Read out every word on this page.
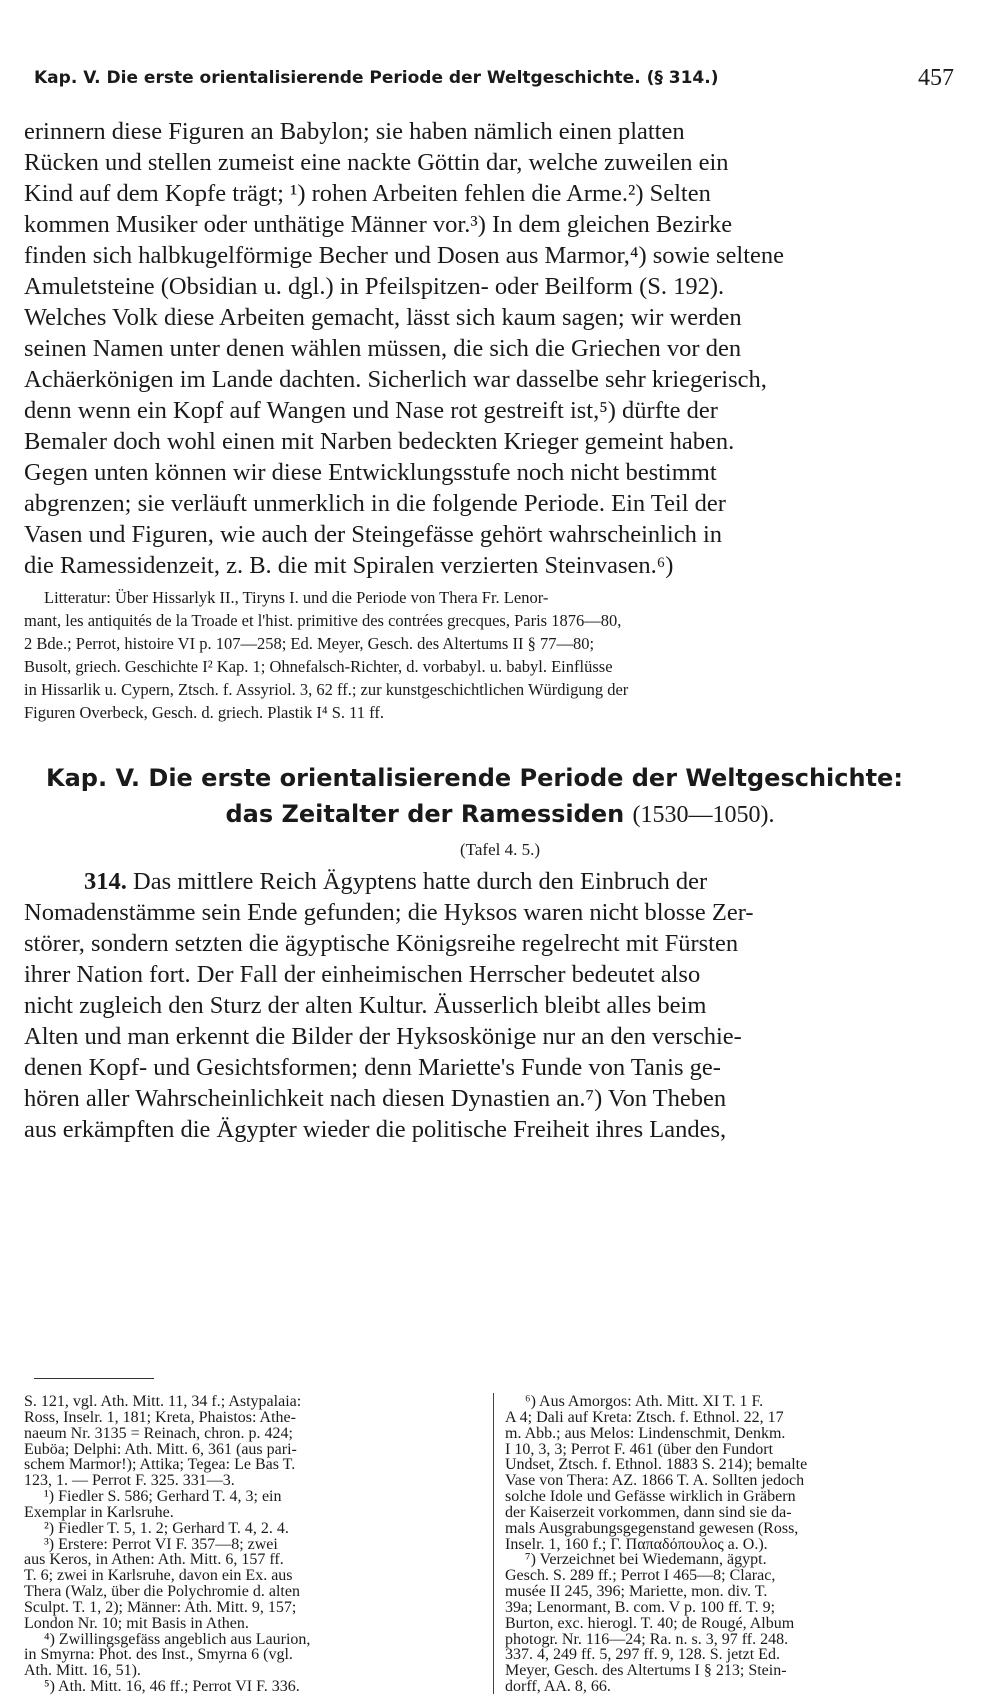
Kap. V. Die erste orientalisierende Periode der Weltgeschichte. (§ 314.)	457
erinnern diese Figuren an Babylon; sie haben nämlich einen platten
Rücken und stellen zumeist eine nackte Göttin dar, welche zuweilen ein
Kind auf dem Kopfe trägt; ¹) rohen Arbeiten fehlen die Arme.²) Selten
kommen Musiker oder unthätige Männer vor.³) In dem gleichen Bezirke
finden sich halbkugelförmige Becher und Dosen aus Marmor,⁴) sowie seltene
Amuletsteine (Obsidian u. dgl.) in Pfeilspitzen- oder Beilform (S. 192).
Welches Volk diese Arbeiten gemacht, lässt sich kaum sagen; wir werden
seinen Namen unter denen wählen müssen, die sich die Griechen vor den
Achäerkönigen im Lande dachten. Sicherlich war dasselbe sehr kriegerisch,
denn wenn ein Kopf auf Wangen und Nase rot gestreift ist,⁵) dürfte der
Bemaler doch wohl einen mit Narben bedeckten Krieger gemeint haben.
Gegen unten können wir diese Entwicklungsstufe noch nicht bestimmt
abgrenzen; sie verläuft unmerklich in die folgende Periode. Ein Teil der
Vasen und Figuren, wie auch der Steingefässe gehört wahrscheinlich in
die Ramessidenzeit, z. B. die mit Spiralen verzierten Steinvasen.⁶)
Litteratur: Über Hissarlyk II., Tiryns I. und die Periode von Thera Fr. Lenor-
mant, les antiquités de la Troade et l'hist. primitive des contrées grecques, Paris 1876—80,
2 Bde.; Perrot, histoire VI p. 107—258; Ed. Meyer, Gesch. des Altertums II § 77—80;
Busolt, griech. Geschichte I² Kap. 1; Ohnefalsch-Richter, d. vorbabyl. u. babyl. Einflüsse
in Hissarlik u. Cypern, Ztsch. f. Assyriol. 3, 62 ff.; zur kunstgeschichtlichen Würdigung der
Figuren Overbeck, Gesch. d. griech. Plastik I⁴ S. 11 ff.
Kap. V. Die erste orientalisierende Periode der Weltgeschichte:
das Zeitalter der Ramessiden (1530—1050).
(Tafel 4. 5.)
314. Das mittlere Reich Ägyptens hatte durch den Einbruch der
Nomadenstämme sein Ende gefunden; die Hyksos waren nicht blosse Zer-
störer, sondern setzten die ägyptische Königsreihe regelrecht mit Fürsten
ihrer Nation fort. Der Fall der einheimischen Herrscher bedeutet also
nicht zugleich den Sturz der alten Kultur. Äusserlich bleibt alles beim
Alten und man erkennt die Bilder der Hyksoskönige nur an den verschie-
denen Kopf- und Gesichtsformen; denn Mariette's Funde von Tanis ge-
hören aller Wahrscheinlichkeit nach diesen Dynastien an.⁷) Von Theben
aus erkämpften die Ägypter wieder die politische Freiheit ihres Landes,
S. 121, vgl. Ath. Mitt. 11, 34 f.; Astypalaia:
Ross, Inselr. 1, 181; Kreta, Phaistos: Athe-
naeum Nr. 3135 = Reinach, chron. p. 424;
Euböa; Delphi: Ath. Mitt. 6, 361 (aus pari-
schem Marmor!); Attika; Tegea: Le Bas T.
123, 1. — Perrot F. 325. 331—3.
¹) Fiedler S. 586; Gerhard T. 4, 3; ein
Exemplar in Karlsruhe.
²) Fiedler T. 5, 1. 2; Gerhard T. 4, 2. 4.
³) Erstere: Perrot VI F. 357—8; zwei
aus Keros, in Athen: Ath. Mitt. 6, 157 ff.
T. 6; zwei in Karlsruhe, davon ein Ex. aus
Thera (Walz, über die Polychromie d. alten
Sculpt. T. 1, 2); Männer: Ath. Mitt. 9, 157;
London Nr. 10; mit Basis in Athen.
⁴) Zwillingsgefäss angeblich aus Laurion,
in Smyrna: Phot. des Inst., Smyrna 6 (vgl.
Ath. Mitt. 16, 51).
⁵) Ath. Mitt. 16, 46 ff.; Perrot VI F. 336.
⁶) Aus Amorgos: Ath. Mitt. XI T. 1 F.
A 4; Dali auf Kreta: Ztsch. f. Ethnol. 22, 17
m. Abb.; aus Melos: Lindenschmit, Denkm.
I 10, 3, 3; Perrot F. 461 (über den Fundort
Undset, Ztsch. f. Ethnol. 1883 S. 214); bemalte
Vase von Thera: AZ. 1866 T. A. Sollten jedoch
solche Idole und Gefässe wirklich in Gräbern
der Kaiserzeit vorkommen, dann sind sie da-
mals Ausgrabungsgegenstand gewesen (Ross,
Inselr. 1, 160 f.; Γ. Παπαδόπουλος a. O.).
⁷) Verzeichnet bei Wiedemann, ägypt.
Gesch. S. 289 ff.; Perrot I 465—8; Clarac,
musée II 245, 396; Mariette, mon. div. T.
39a; Lenormant, B. com. V p. 100 ff. T. 9;
Burton, exc. hierogl. T. 40; de Rougé, Album
photogr. Nr. 116—24; Ra. n. s. 3, 97 ff. 248.
337. 4, 249 ff. 5, 297 ff. 9, 128. S. jetzt Ed.
Meyer, Gesch. des Altertums I § 213; Stein-
dorff, AA. 8, 66.
